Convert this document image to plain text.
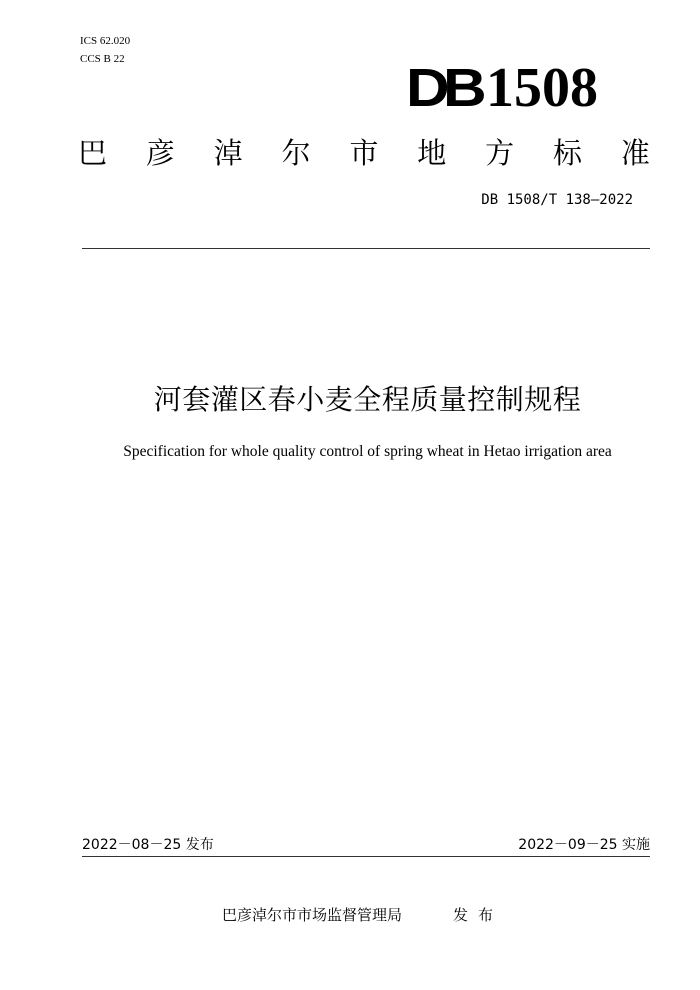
ICS 62.020
CCS B 22	DB 1508
巴 彦 淖 尔 市 地 方 标 准
DB 1508/T 138—2022
河套灌区春小麦全程质量控制规程
Specification for whole quality control of spring wheat in Hetao irrigation area
2022－08－25 发布	2022－09－25 实施
巴彦淖尔市市场监督管理局	发布
